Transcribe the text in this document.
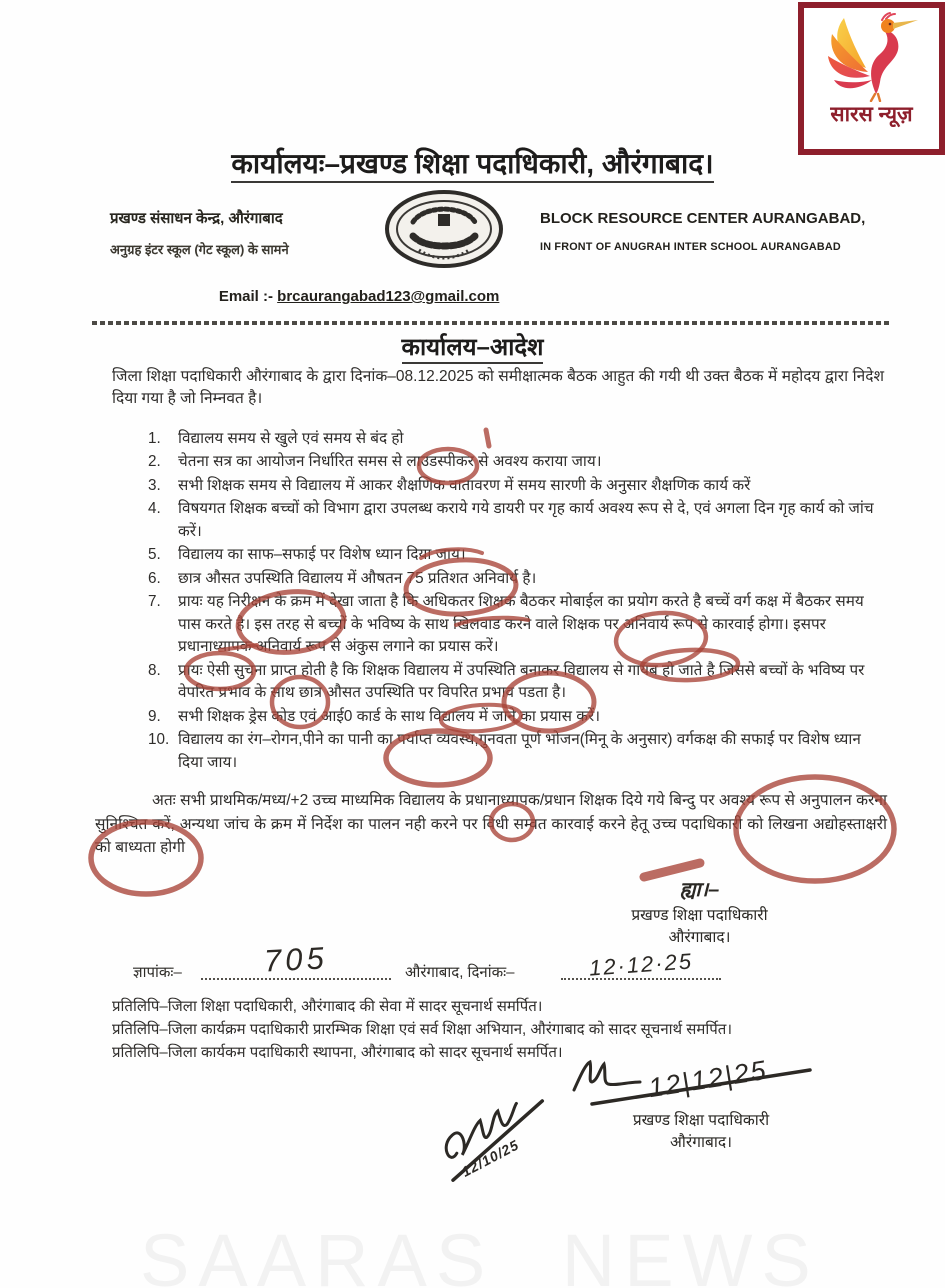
SAARAS NEWS
कार्यालयः–प्रखण्ड शिक्षा पदाधिकारी, औरंगाबाद।
प्रखण्ड संसाधन केन्द्र, औरंगाबाद
अनुग्रह इंटर स्कूल (गेट स्कूल) के सामने
BLOCK RESOURCE CENTER AURANGABAD,
IN FRONT OF ANUGRAH INTER SCHOOL AURANGABAD
Email :- brcaurangabad123@gmail.com
कार्यालय–आदेश

जिला शिक्षा पदाधिकारी औरंगाबाद के द्वारा दिनांक–08.12.2025 को समीक्षात्मक बैठक आहुत की गयी थी उक्त बैठक में महोदय द्वारा निदेश दिया गया है जो निम्नवत है।

1.	विद्यालय समय से खुले एवं समय से बंद हो
2.	चेतना सत्र का आयोजन निर्धारित समस से लाउडस्पीकर से अवश्य कराया जाय।
3.	सभी शिक्षक समय से विद्यालय में आकर शैक्षणिक वातावरण में समय सारणी के अनुसार शैक्षणिक कार्य करें
4.	विषयगत शिक्षक बच्चों को विभाग द्वारा उपलब्ध कराये गये डायरी पर गृह कार्य अवश्य रूप से दे, एवं अगला दिन गृह कार्य को जांच करें।
5.	विद्यालय का साफ–सफाई पर विशेष ध्यान दिया जाय।
6.	छात्र औसत उपस्थिति विद्यालय में औषतन 75 प्रतिशत अनिवार्य है।
7.	प्रायः यह निरीक्षन के क्रम में देखा जाता है कि अधिकतर शिक्षक बैठकर मोबाईल का प्रयोग करते है बच्चें वर्ग कक्ष में बैठकर समय पास करते है। इस तरह से बच्चों के भविष्य के साथ खिलवाड करने वाले शिक्षक पर अनिवार्य रूप से कारवाई होगा। इसपर प्रधानाध्यापक अनिवार्य रूप से अंकुस लगाने का प्रयास करें।
8.	प्रायः ऐसी सुचना प्राप्त होती है कि शिक्षक विद्यालय में उपस्थिति बनाकर विद्यालय से गायब हो जाते है जिससे बच्चों के भविष्य पर वेपरित प्रभाव के साथ छात्र औसत उपस्थिति पर विपरित प्रभाव पडता है।
9.	सभी शिक्षक ड्रेस कोड एवं आई0 कार्ड के साथ विद्यालय में जाने का प्रयास करें।
10. विद्यालय का रंग–रोगन,पीने का पानी का पर्याप्त व्यवस्थ,गुनवता पूर्ण भोजन(मिनू के अनुसार) वर्गकक्ष की सफाई पर विशेष ध्यान दिया जाय।

अतः सभी प्राथमिक/मध्य/+2 उच्च माध्यमिक विद्यालय के प्रधानाध्यापक/प्रधान शिक्षक दिये गये बिन्दु पर अवश्य रूप से अनुपालन करना सुनिश्चित करें, अन्यथा जांच के क्रम में निर्देश का पालन नही करने पर विधी सम्वत कारवाई करने हेतू उच्च पदाधिकारी को लिखना अद्योहस्ताक्षरी को बाध्यता होगी

ह्या।–
प्रखण्ड शिक्षा पदाधिकारी
औरंगाबाद।
ज्ञापांकः–	705	औरंगाबाद, दिनांकः–	12·12·25
प्रतिलिपि–जिला शिक्षा पदाधिकारी, औरंगाबाद की सेवा में सादर सूचनार्थ समर्पित।
प्रतिलिपि–जिला कार्यक्रम पदाधिकारी प्रारम्भिक शिक्षा एवं सर्व शिक्षा अभियान, औरंगाबाद को सादर सूचनार्थ समर्पित।
प्रतिलिपि–जिला कार्यकम पदाधिकारी स्थापना, औरंगाबाद को सादर सूचनार्थ समर्पित।
12|12|25
प्रखण्ड शिक्षा पदाधिकारी
औरंगाबाद।
12/10/25
सारस न्यूज़
